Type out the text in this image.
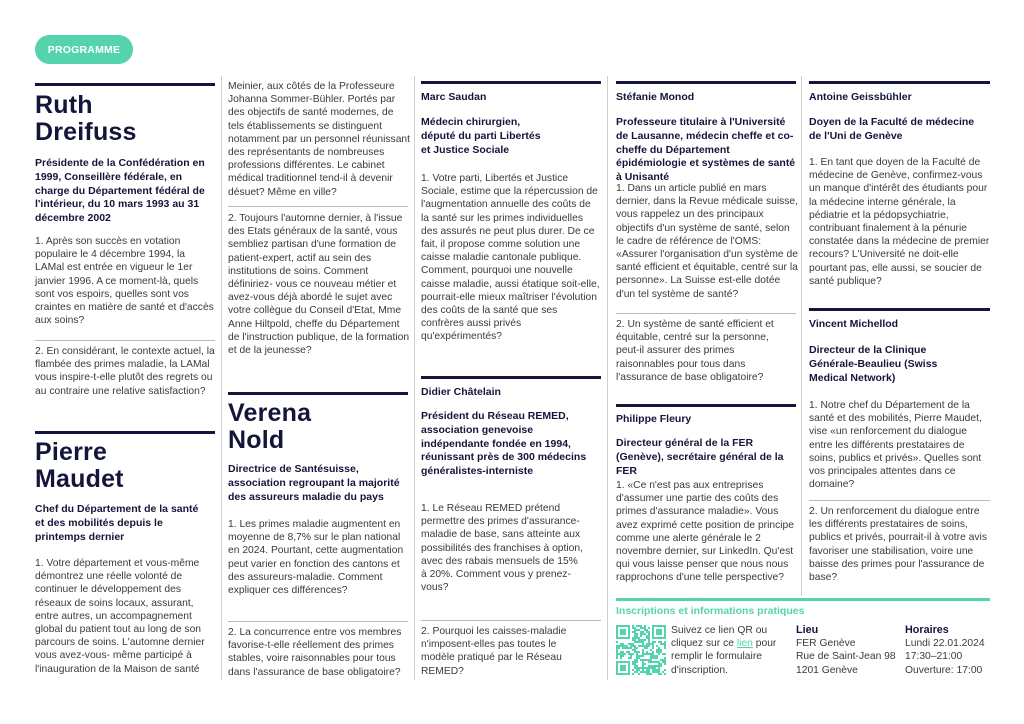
PROGRAMME
Ruth
Dreifuss
Présidente de la Confédération en 1999, Conseillère fédérale, en charge du Département fédéral de l'intérieur, du 10 mars 1993 au 31 décembre 2002
1. Après son succès en votation populaire le 4 décembre 1994, la LAMal est entrée en vigueur le 1er janvier 1996. A ce moment-là, quels sont vos espoirs, quelles sont vos craintes en matière de santé et d'accès aux soins?
2. En considérant, le contexte actuel, la flambée des primes maladie, la LAMal vous inspire-t-elle plutôt des regrets ou au contraire une relative satisfaction?
Pierre
Maudet
Chef du Département de la santé et des mobilités depuis le printemps dernier
1. Votre département et vous-même démontrez une réelle volonté de continuer le développement des réseaux de soins locaux, assurant, entre autres, un accompagnement global du patient tout au long de son parcours de soins. L'automne dernier vous avez-vous- même participé à l'inauguration de la Maison de santé
Meinier, aux côtés de la Professeure Johanna Sommer-Bühler. Portés par des objectifs de santé modernes, de tels établissements se distinguent notamment par un personnel réunissant des représentants de nombreuses professions différentes. Le cabinet médical traditionnel tend-il à devenir désuet? Même en ville?
2. Toujours l'automne dernier, à l'issue des Etats généraux de la santé, vous sembliez partisan d'une formation de patient-expert, actif au sein des institutions de soins. Comment définiriez- vous ce nouveau métier et avez-vous déjà abordé le sujet avec votre collègue du Conseil d'Etat, Mme Anne Hiltpold, cheffe du Département de l'instruction publique, de la formation et de la jeunesse?
Verena
Nold
Directrice de Santésuisse, association regroupant la majorité des assureurs maladie du pays
1. Les primes maladie augmentent en moyenne de 8,7% sur le plan national en 2024. Pourtant, cette augmentation peut varier en fonction des cantons et des assureurs-maladie. Comment expliquer ces différences?
2. La concurrence entre vos membres favorise-t-elle réellement des primes stables, voire raisonnables pour tous dans l'assurance de base obligatoire?
Marc Saudan
Médecin chirurgien, député du parti Libertés et Justice Sociale
1. Votre parti, Libertés et Justice Sociale, estime que la répercussion de l'augmentation annuelle des coûts de la santé sur les primes individuelles des assurés ne peut plus durer. De ce fait, il propose comme solution une caisse maladie cantonale publique. Comment, pourquoi une nouvelle caisse maladie, aussi étatique soit-elle, pourrait-elle mieux maîtriser l'évolution des coûts de la santé que ses confrères aussi privés qu'expérimentés?
Didier Châtelain
Président du Réseau REMED, association genevoise indépendante fondée en 1994, réunissant près de 300 médecins généralistes-interniste
1. Le Réseau REMED prétend permettre des primes d'assurance-maladie de base, sans atteinte aux possibilités des franchises à option, avec des rabais mensuels de 15% à 20%. Comment vous y prenez-vous?
2. Pourquoi les caisses-maladie n'imposent-elles pas toutes le modèle pratiqué par le Réseau REMED?
Stéfanie Monod
Professeure titulaire à l'Université de Lausanne, médecin cheffe et co-cheffe du Département épidémiologie et systèmes de santé à Unisanté
1. Dans un article publié en mars dernier, dans la Revue médicale suisse, vous rappelez un des principaux objectifs d'un système de santé, selon le cadre de référence de l'OMS: «Assurer l'organisation d'un système de santé efficient et équitable, centré sur la personne». La Suisse est-elle dotée d'un tel système de santé?
2. Un système de santé efficient et équitable, centré sur la personne, peut-il assurer des primes raisonnables pour tous dans l'assurance de base obligatoire?
Philippe Fleury
Directeur général de la FER (Genève), secrétaire général de la FER
1. «Ce n'est pas aux entreprises d'assumer une partie des coûts des primes d'assurance maladie». Vous avez exprimé cette position de principe comme une alerte générale le 2 novembre dernier, sur LinkedIn. Qu'est qui vous laisse penser que nous nous rapprochons d'une telle perspective?
Antoine Geissbühler
Doyen de la Faculté de médecine de l'Uni de Genève
1. En tant que doyen de la Faculté de médecine de Genève, confirmez-vous un manque d'intérêt des étudiants pour la médecine interne générale, la pédiatrie et la pédopsychiatrie, contribuant finalement à la pénurie constatée dans la médecine de premier recours? L'Université ne doit-elle pourtant pas, elle aussi, se soucier de santé publique?
Vincent Michellod
Directeur de la Clinique Générale-Beaulieu (Swiss Medical Network)
1. Notre chef du Département de la santé et des mobilités, Pierre Maudet, vise «un renforcement du dialogue entre les différents prestataires de soins, publics et privés». Quelles sont vos principales attentes dans ce domaine?
2. Un renforcement du dialogue entre les différents prestataires de soins, publics et privés, pourrait-il à votre avis favoriser une stabilisation, voire une baisse des primes pour l'assurance de base?
Inscriptions et informations pratiques
Suivez ce lien QR ou cliquez sur ce lien pour remplir le formulaire d'inscription.
Lieu
FER Genève
Rue de Saint-Jean 98
1201 Genève
Horaires
Lundi 22.01.2024
17:30–21:00
Ouverture: 17:00
